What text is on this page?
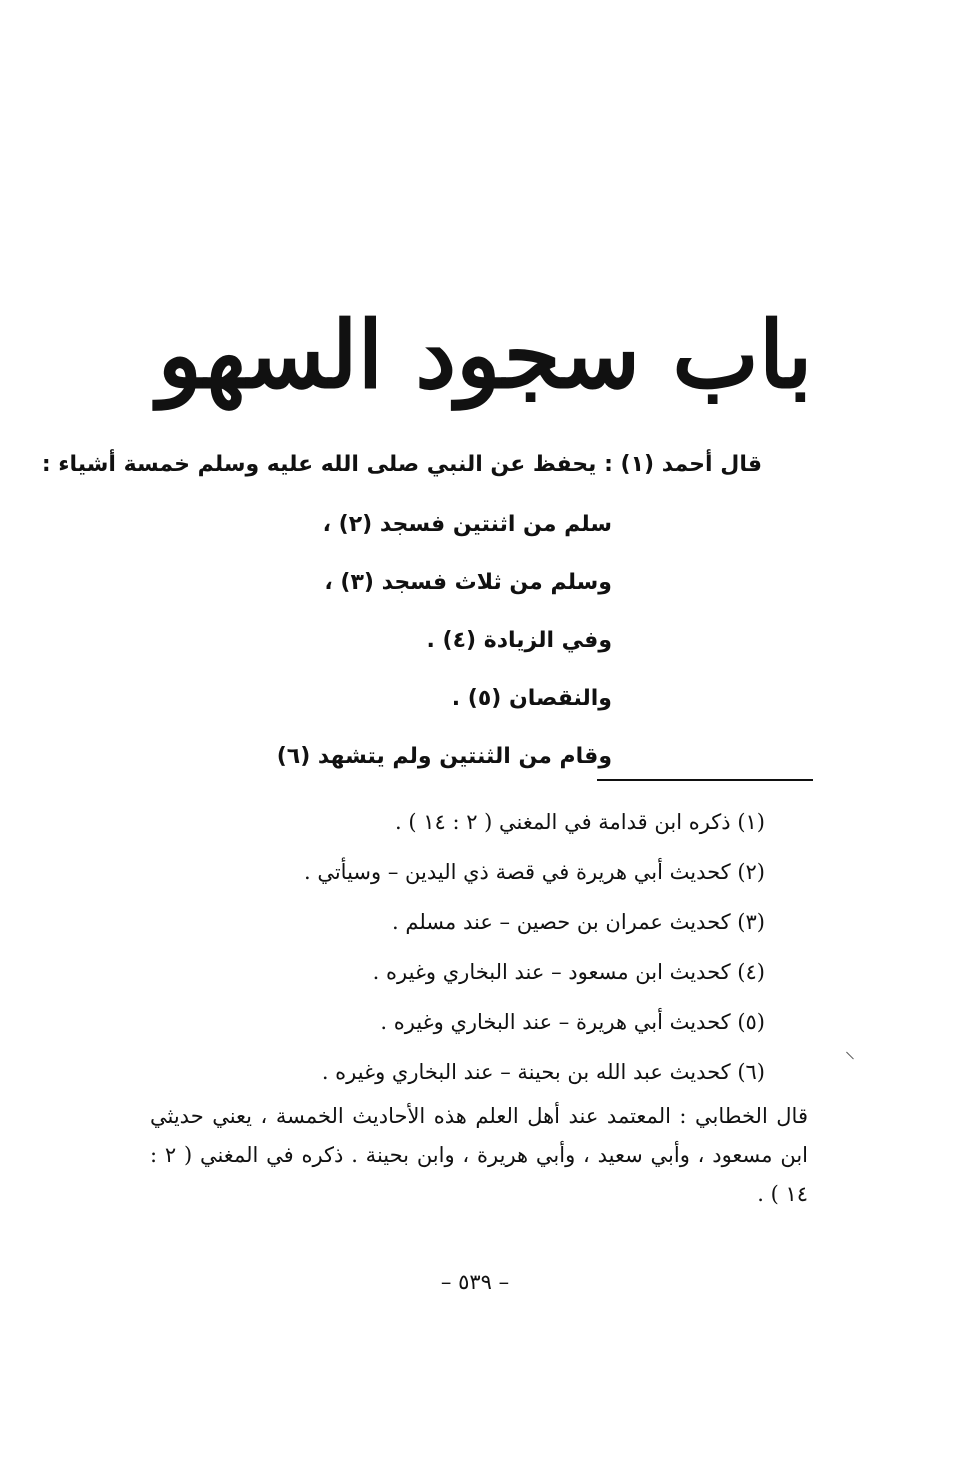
باب سجود السهو
قال أحمد (١) : يحفظ عن النبي صلى الله عليه وسلم خمسة أشياء :
سلم من اثنتين فسجد (٢) ،
وسلم من ثلاث فسجد (٣) ،
وفي الزيادة (٤) .
والنقصان (٥) .
وقام من الثنتين ولم يتشهد (٦)
(١) ذكره ابن قدامة في المغني ( ٢ : ١٤ ) .
(٢) كحديث أبي هريرة في قصة ذي اليدين – وسيأتي .
(٣) كحديث عمران بن حصين – عند مسلم .
(٤) كحديث ابن مسعود – عند البخاري وغيره .
(٥) كحديث أبي هريرة – عند البخاري وغيره .
(٦) كحديث عبد الله بن بحينة – عند البخاري وغيره .
قال الخطابي : المعتمد عند أهل العلم هذه الأحاديث الخمسة ، يعني حديثي ابن مسعود ، وأبي سعيد ، وأبي هريرة ، وابن بحينة . ذكره في المغني ( ٢ : ١٤ ) .
– ٥٣٩ –
